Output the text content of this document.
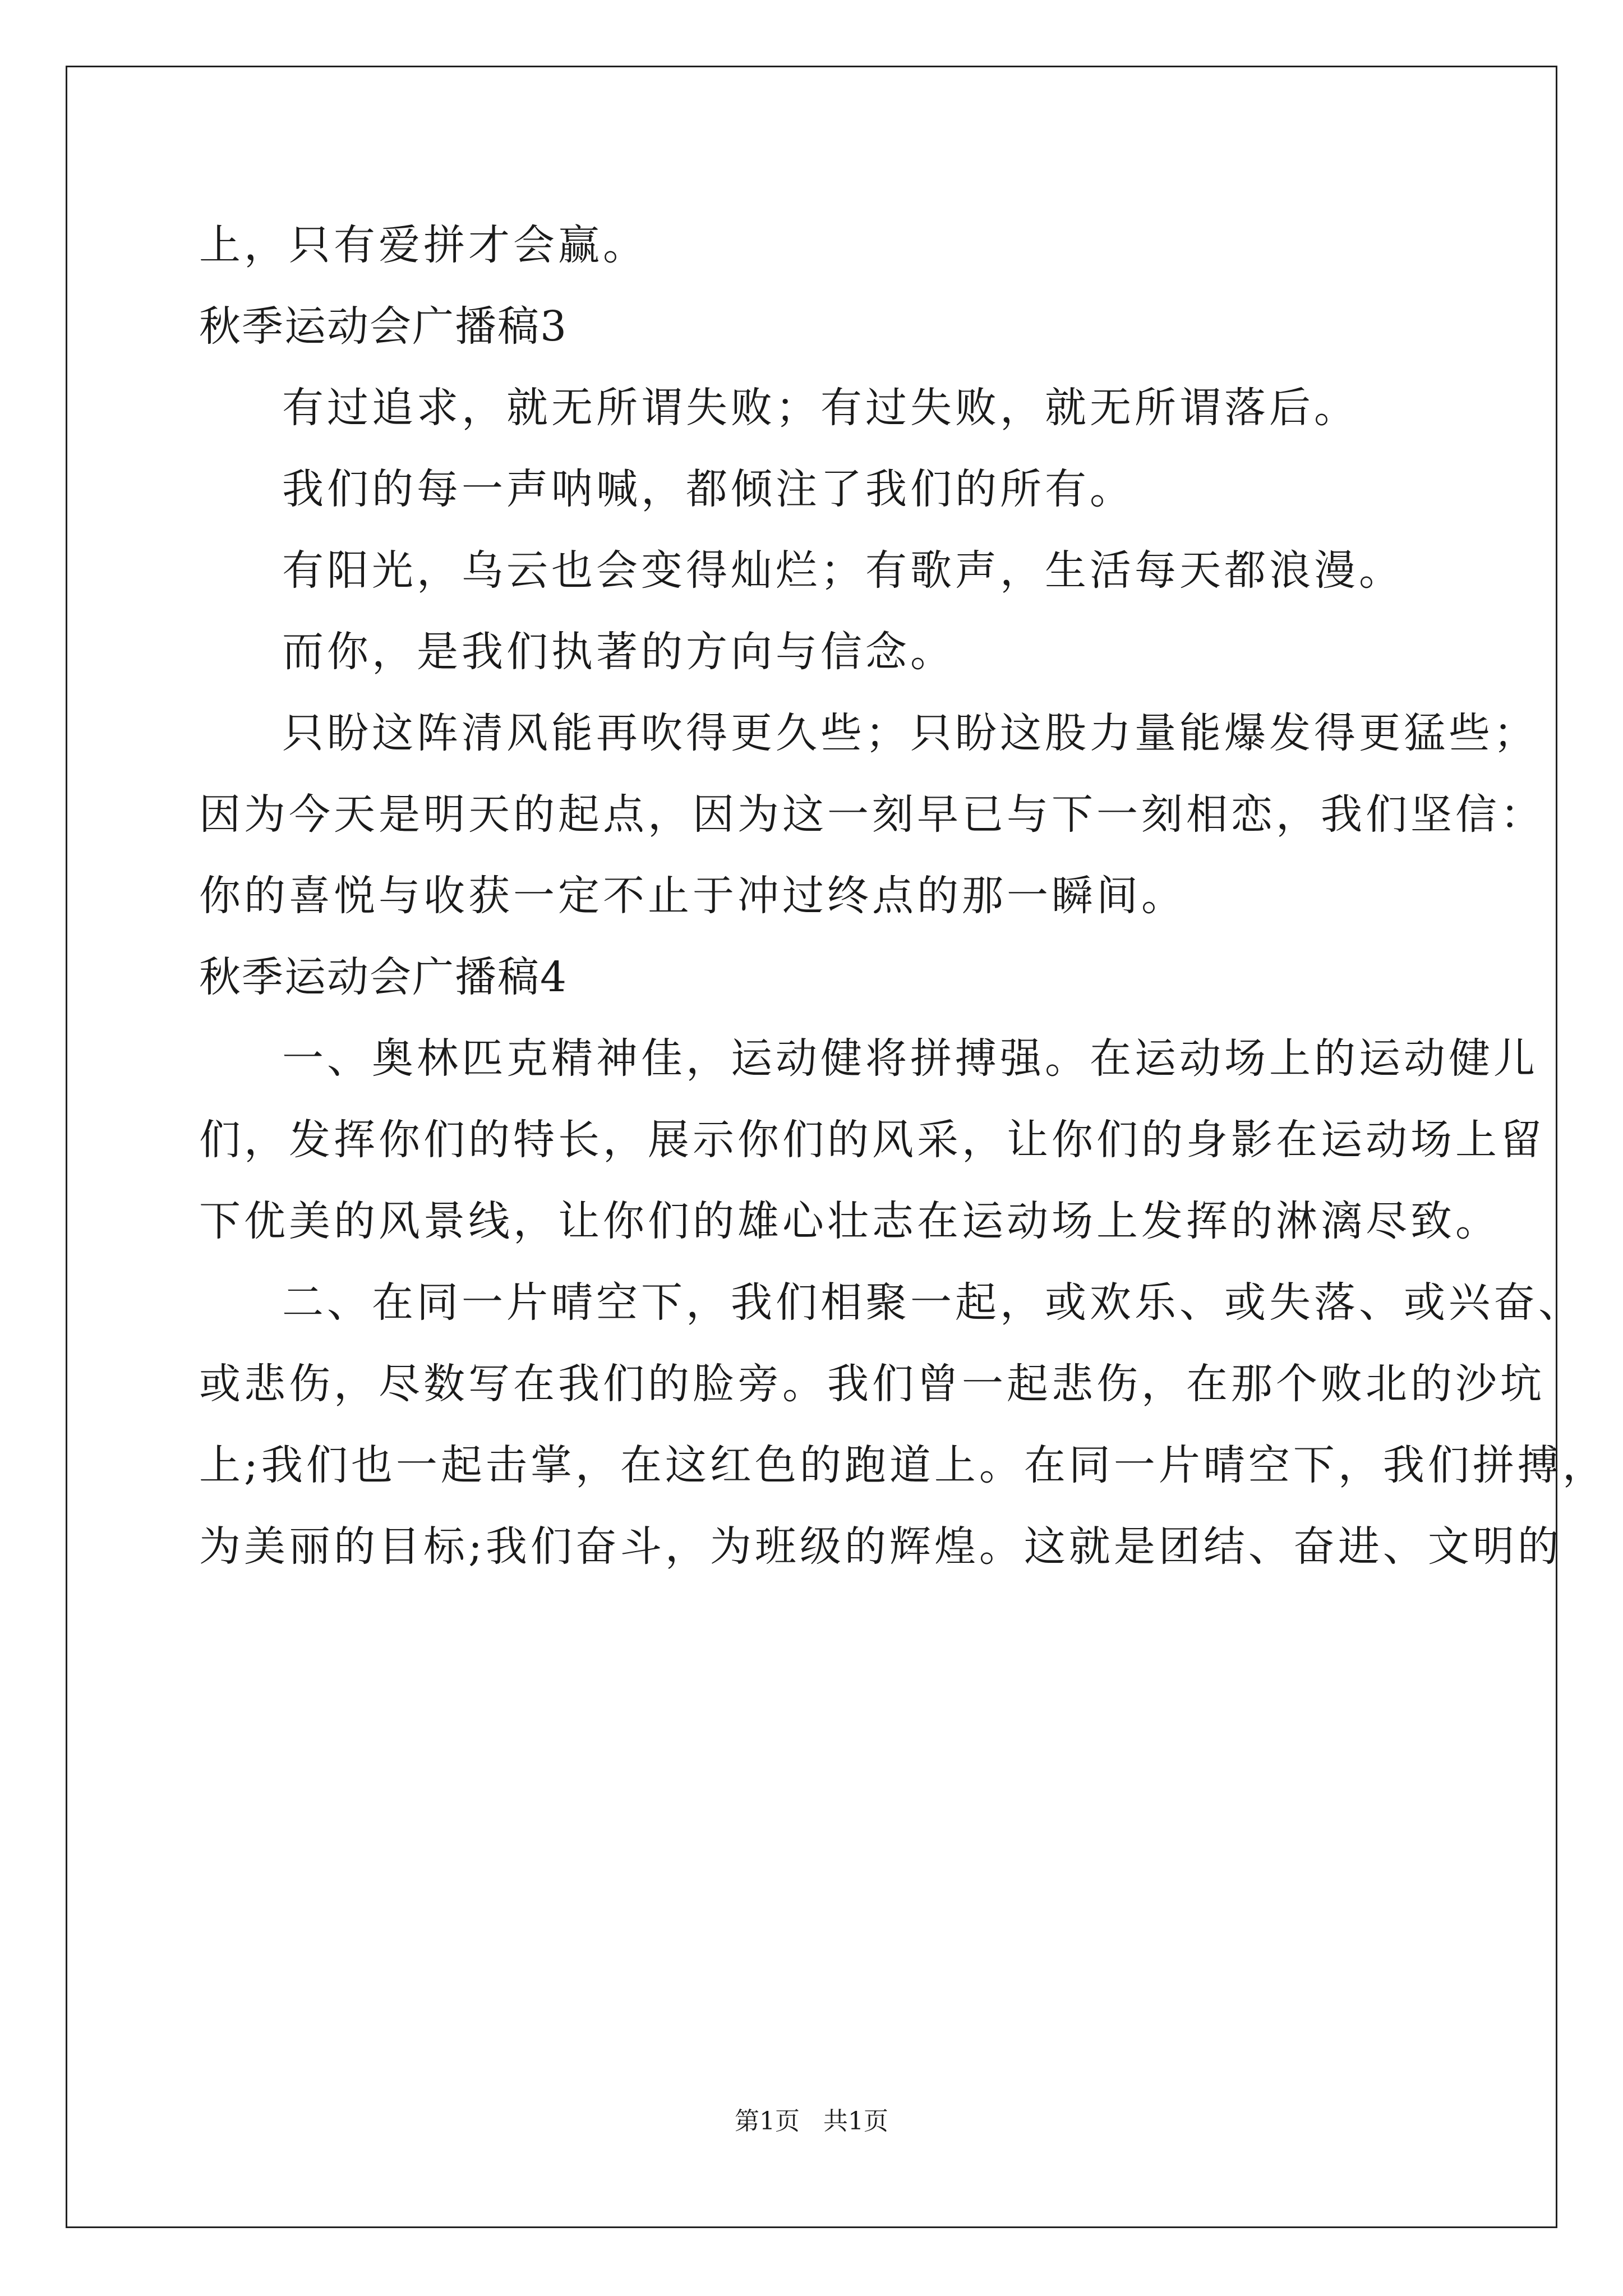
上，只有爱拼才会赢。
秋季运动会广播稿3
有过追求，就无所谓失败；有过失败，就无所谓落后。
我们的每一声呐喊，都倾注了我们的所有。
有阳光，乌云也会变得灿烂；有歌声，生活每天都浪漫。
而你，是我们执著的方向与信念。
只盼这阵清风能再吹得更久些；只盼这股力量能爆发得更猛些；
因为今天是明天的起点，因为这一刻早已与下一刻相恋，我们坚信：
你的喜悦与收获一定不止于冲过终点的那一瞬间。
秋季运动会广播稿4
一、奥林匹克精神佳，运动健将拼搏强。在运动场上的运动健儿
们，发挥你们的特长，展示你们的风采，让你们的身影在运动场上留
下优美的风景线，让你们的雄心壮志在运动场上发挥的淋漓尽致。
二、在同一片晴空下，我们相聚一起，或欢乐、或失落、或兴奋、
或悲伤，尽数写在我们的脸旁。我们曾一起悲伤，在那个败北的沙坑
上;我们也一起击掌，在这红色的跑道上。在同一片晴空下，我们拼搏，
为美丽的目标;我们奋斗，为班级的辉煌。这就是团结、奋进、文明的
第1页   共1页
